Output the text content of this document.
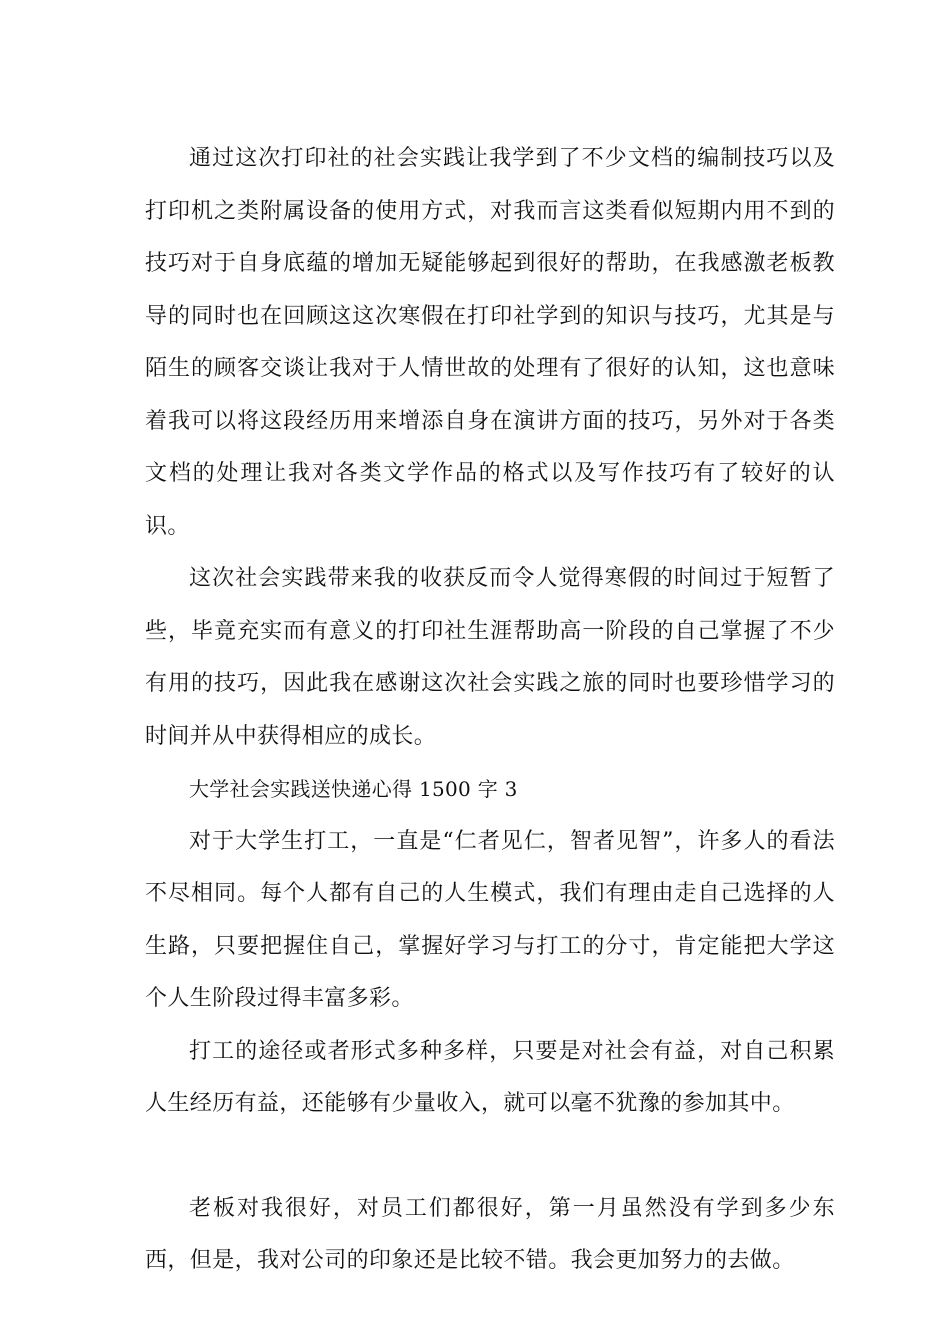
通过这次打印社的社会实践让我学到了不少文档的编制技巧以及打印机之类附属设备的使用方式，对我而言这类看似短期内用不到的技巧对于自身底蕴的增加无疑能够起到很好的帮助，在我感激老板教导的同时也在回顾这这次寒假在打印社学到的知识与技巧，尤其是与陌生的顾客交谈让我对于人情世故的处理有了很好的认知，这也意味着我可以将这段经历用来增添自身在演讲方面的技巧，另外对于各类文档的处理让我对各类文学作品的格式以及写作技巧有了较好的认识。

这次社会实践带来我的收获反而令人觉得寒假的时间过于短暂了些，毕竟充实而有意义的打印社生涯帮助高一阶段的自己掌握了不少有用的技巧，因此我在感谢这次社会实践之旅的同时也要珍惜学习的时间并从中获得相应的成长。

大学社会实践送快递心得 1500 字 3

对于大学生打工，一直是“仁者见仁，智者见智”，许多人的看法不尽相同。每个人都有自己的人生模式，我们有理由走自己选择的人生路，只要把握住自己，掌握好学习与打工的分寸，肯定能把大学这个人生阶段过得丰富多彩。

打工的途径或者形式多种多样，只要是对社会有益，对自己积累人生经历有益，还能够有少量收入，就可以毫不犹豫的参加其中。

老板对我很好，对员工们都很好，第一月虽然没有学到多少东西，但是，我对公司的印象还是比较不错。我会更加努力的去做。
